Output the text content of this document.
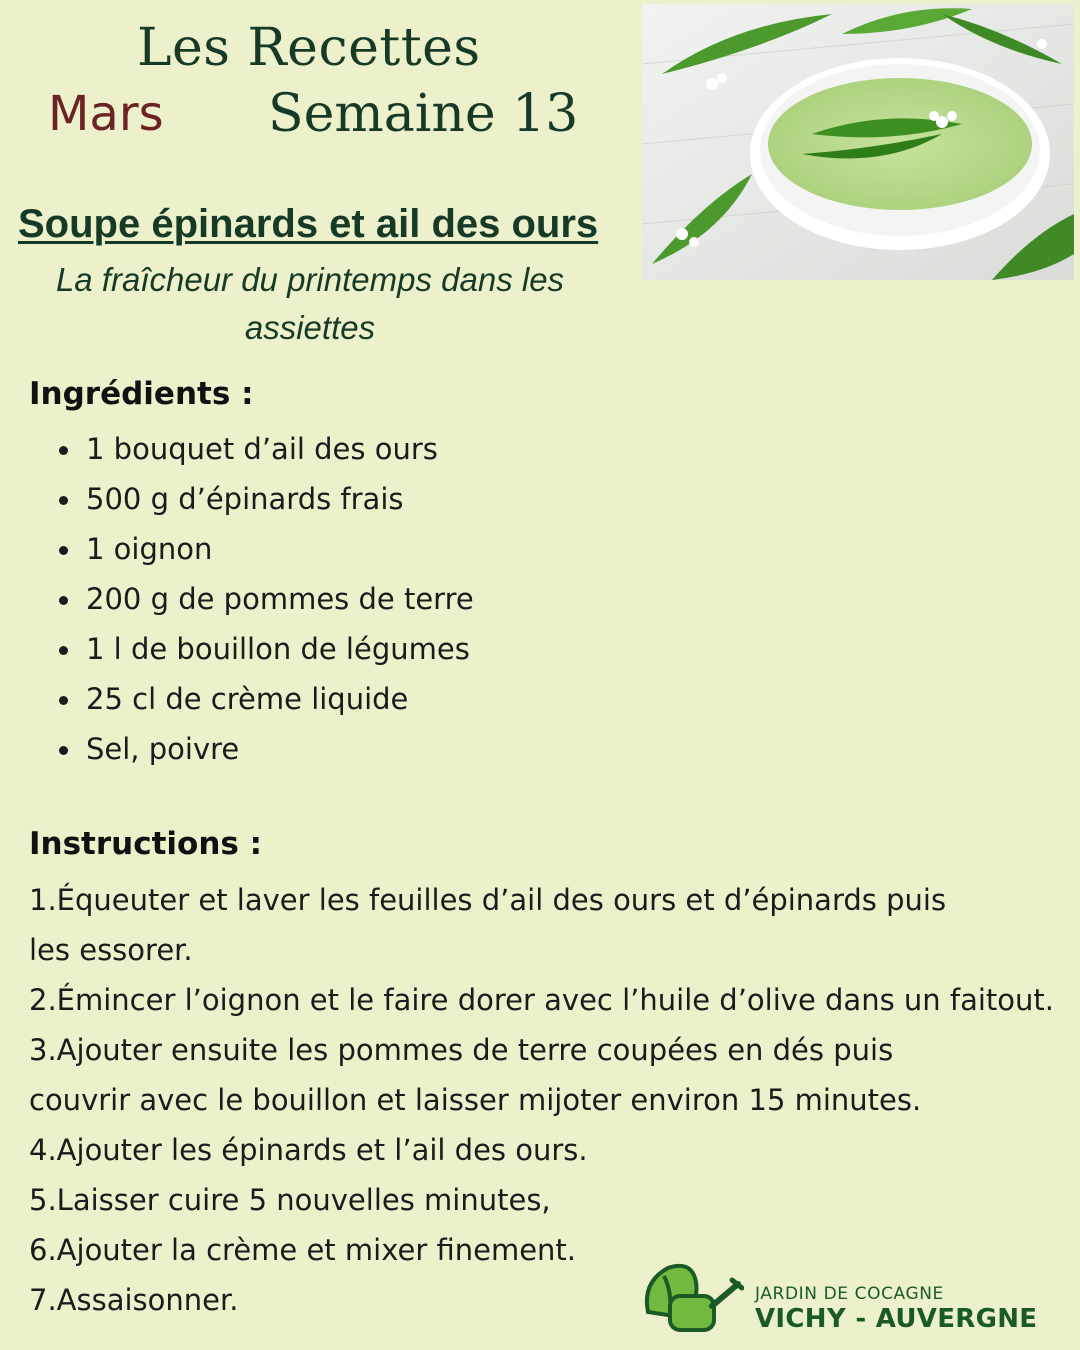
Les Recettes
Mars Semaine 13
Soupe épinards et ail des ours
La fraîcheur du printemps dans les assiettes
Ingrédients :
1 bouquet d’ail des ours
500 g d’épinards frais
1 oignon
200 g de pommes de terre
1 l de bouillon de légumes
25 cl de crème liquide
Sel, poivre
Instructions :

1.Équeuter et laver les feuilles d’ail des ours et d’épinards puis les essorer.

2.Émincer l’oignon et le faire dorer avec l’huile d’olive dans un faitout.

3.Ajouter ensuite les pommes de terre coupées en dés puis couvrir avec le bouillon et laisser mijoter environ 15 minutes.

4.Ajouter les épinards et l’ail des ours.

5.Laisser cuire 5 nouvelles minutes,

6.Ajouter la crème et mixer finement.

7.Assaisonner.	JARDIN DE COCAGNE
VICHY - AUVERGNE
